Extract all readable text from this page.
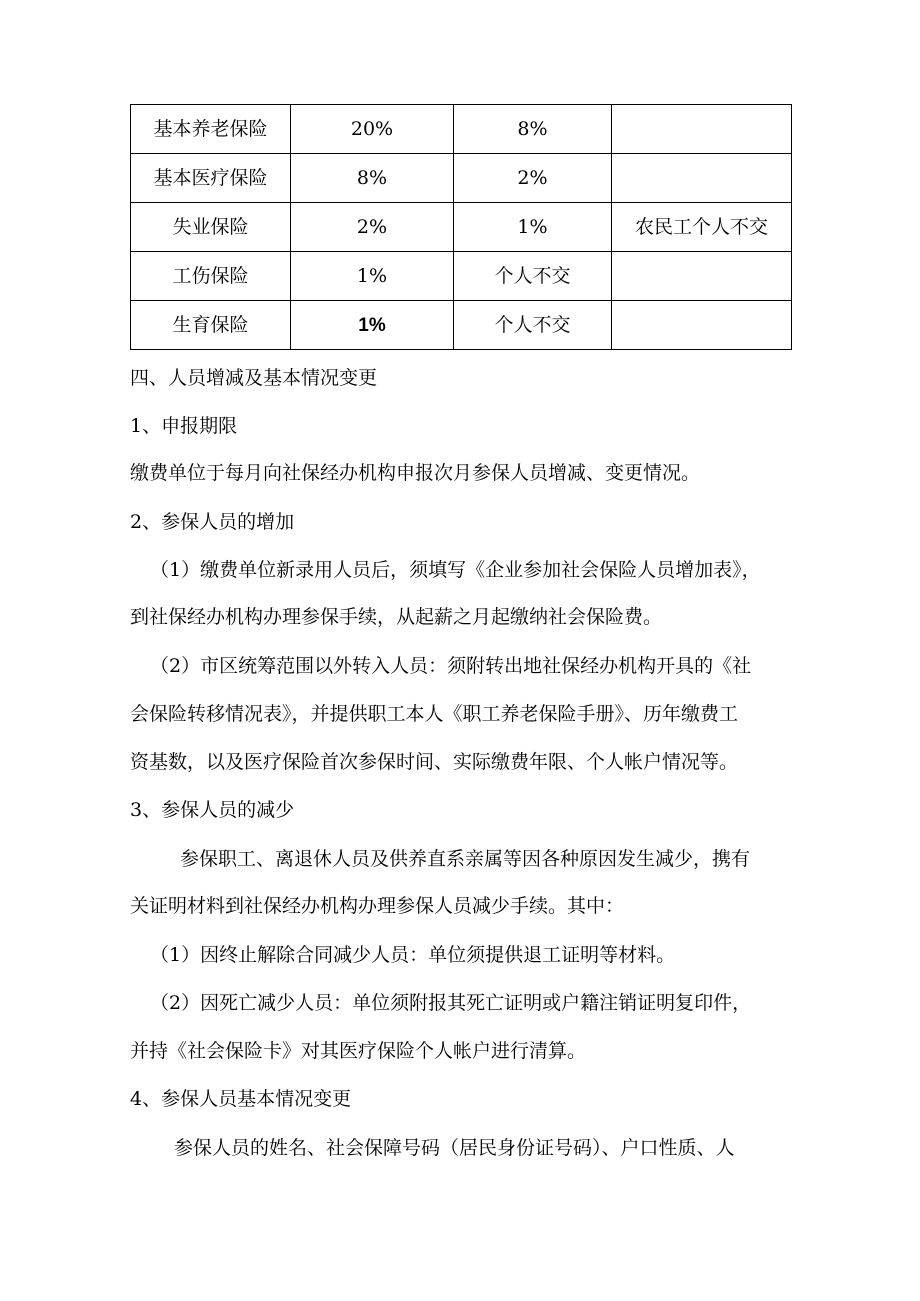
基本养老保险	20%	8%	
基本医疗保险	8%	2%	
失业保险	2%	1%	农民工个人不交
工伤保险	1%	个人不交	
生育保险	1%	个人不交	
四、人员增减及基本情况变更
1、申报期限
缴费单位于每月向社保经办机构申报次月参保人员增减、变更情况。
2、参保人员的增加
（1）缴费单位新录用人员后，须填写《企业参加社会保险人员增加表》，
到社保经办机构办理参保手续，从起薪之月起缴纳社会保险费。
（2）市区统筹范围以外转入人员：须附转出地社保经办机构开具的《社
会保险转移情况表》，并提供职工本人《职工养老保险手册》、历年缴费工
资基数，以及医疗保险首次参保时间、实际缴费年限、个人帐户情况等。
3、参保人员的减少
参保职工、离退休人员及供养直系亲属等因各种原因发生减少，携有
关证明材料到社保经办机构办理参保人员减少手续。其中：
（1）因终止解除合同减少人员：单位须提供退工证明等材料。
（2）因死亡减少人员：单位须附报其死亡证明或户籍注销证明复印件，
并持《社会保险卡》对其医疗保险个人帐户进行清算。
4、参保人员基本情况变更
参保人员的姓名、社会保障号码（居民身份证号码）、户口性质、人
